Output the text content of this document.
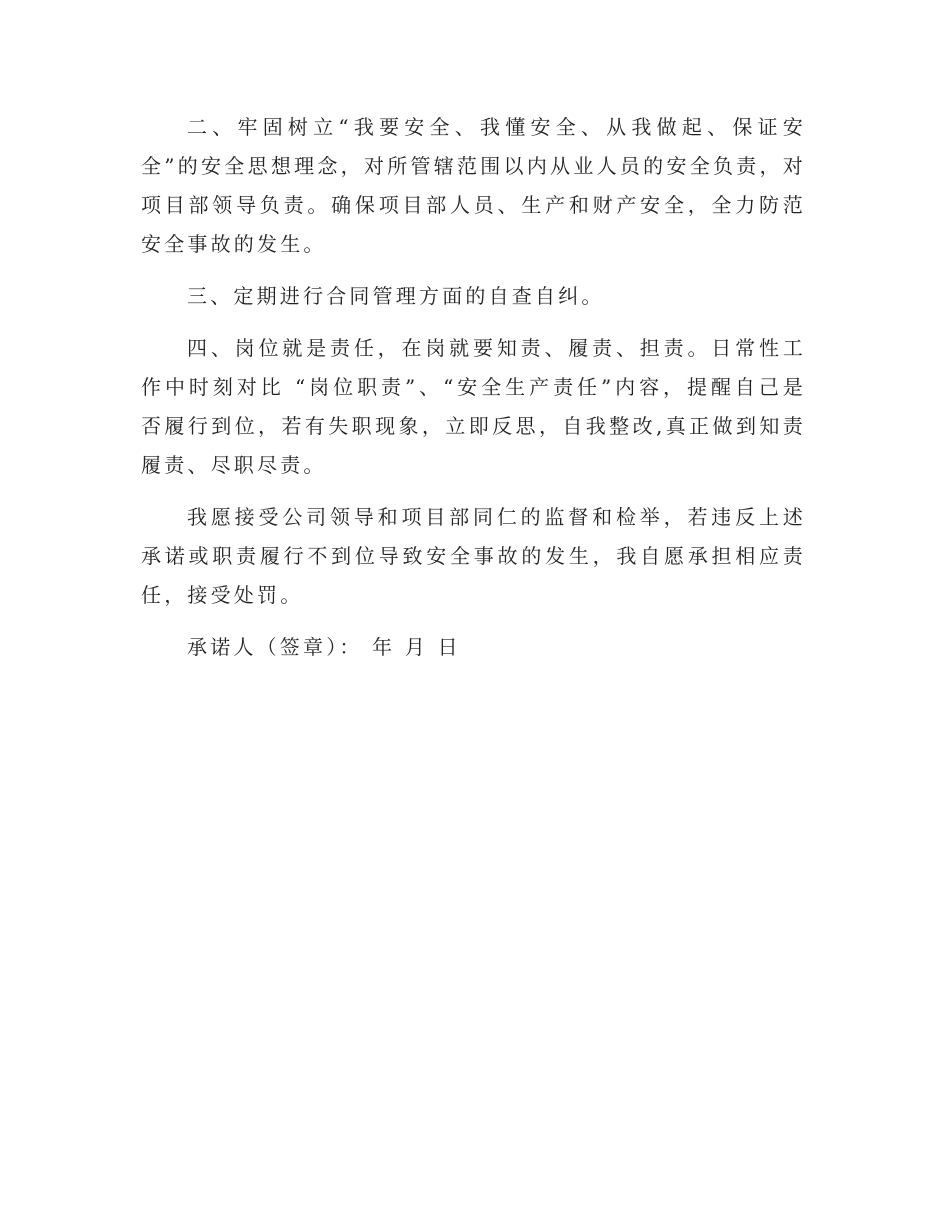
二、牢固树立“我要安全、我懂安全、从我做起、保证安全”的安全思想理念，对所管辖范围以内从业人员的安全负责，对项目部领导负责。确保项目部人员、生产和财产安全，全力防范安全事故的发生。

三、定期进行合同管理方面的自查自纠。

四、岗位就是责任，在岗就要知责、履责、担责。日常性工作中时刻对比 “岗位职责”、“安全生产责任”内容，提醒自己是否履行到位，若有失职现象，立即反思，自我整改,真正做到知责履责、尽职尽责。

我愿接受公司领导和项目部同仁的监督和检举，若违反上述承诺或职责履行不到位导致安全事故的发生，我自愿承担相应责任，接受处罚。

承诺人（签章）： 年 月 日
